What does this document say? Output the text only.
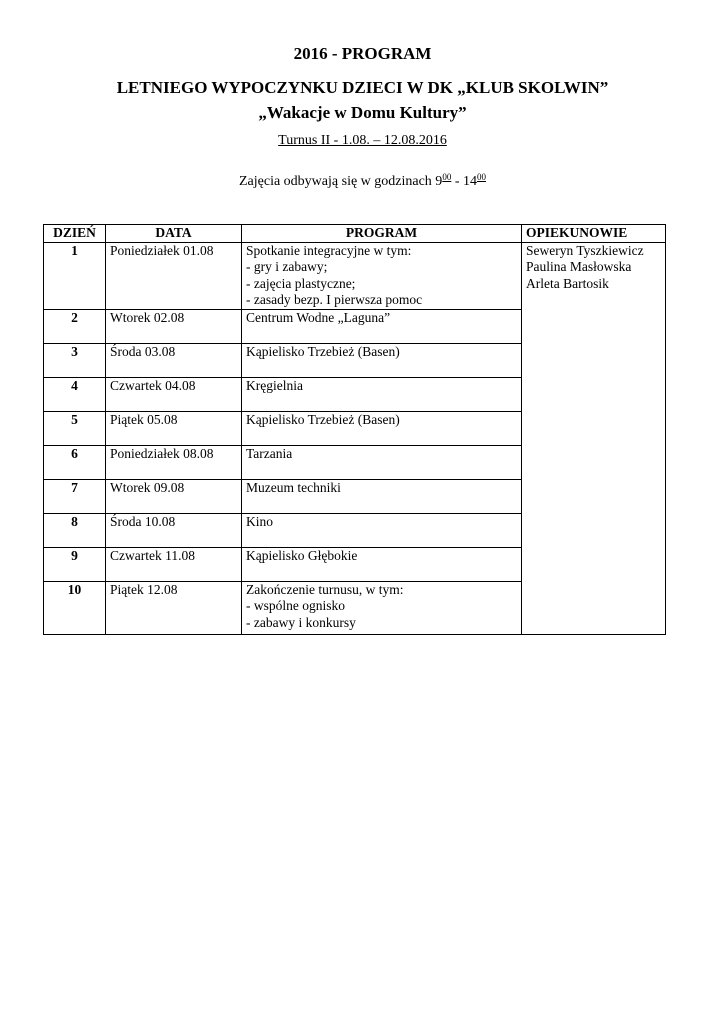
2016 - PROGRAM
LETNIEGO WYPOCZYNKU DZIECI W DK „KLUB SKOLWIN”
„Wakacje w Domu Kultury”
Turnus II - 1.08. – 12.08.2016
Zajęcia odbywają się w godzinach $9^{00} - 14^{00}$
DZIEŃ	DATA	PROGRAM	OPIEKUNOWIE
1	Poniedziałek 01.08	Spotkanie integracyjne w tym:
- gry i zabawy;
- zajęcia plastyczne;
- zasady bezp. I pierwsza pomoc	Seweryn Tyszkiewicz
Paulina Masłowska
Arleta Bartosik

2	Wtorek 02.08	Centrum Wodne „Laguna”	

3	Środa 03.08	Kąpielisko Trzebież (Basen)	

4	Czwartek 04.08	Kręgielnia	

5	Piątek 05.08	Kąpielisko Trzebież (Basen)	

6	Poniedziałek 08.08	Tarzania	

7	Wtorek 09.08	Muzeum techniki	

8	Środa 10.08	Kino	

9	Czwartek 11.08	Kąpielisko Głębokie	

10	Piątek 12.08	Zakończenie turnusu, w tym:
- wspólne ognisko
- zabawy i konkursy	
